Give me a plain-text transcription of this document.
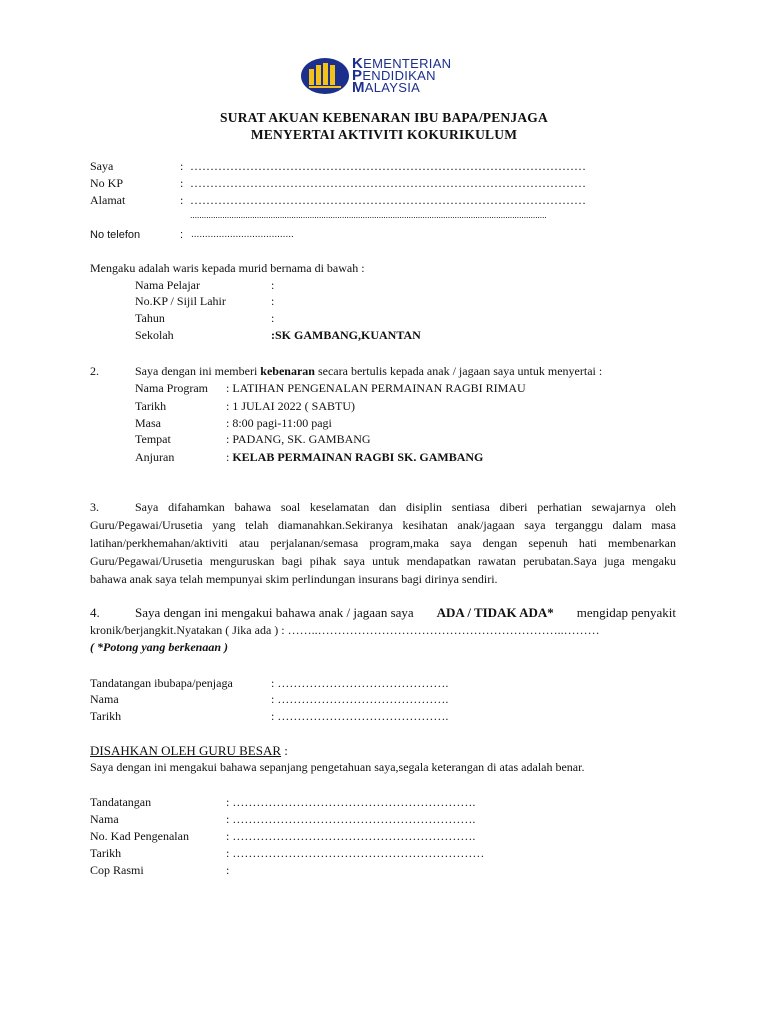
KEMENTERIAN
PENDIDIKAN
MALAYSIA
SURAT AKUAN KEBENARAN IBU BAPA/PENJAGA
MENYERTAI AKTIVITI KOKURIKULUM
Saya	: ………………………………………………………………………………………
No KP	: ………………………………………………………………………………………
Alamat	: ………………………………………………………………………………………
...........................................................................................................................................................
No telefon	: .....................................
Mengaku adalah waris kepada murid bernama di bawah :
Nama Pelajar	:
No.KP / Sijil Lahir	:
Tahun	:
Sekolah	:SK GAMBANG,KUANTAN
2.	Saya dengan ini memberi kebenaran secara bertulis kepada anak / jagaan saya untuk menyertai :
Nama Program : LATIHAN PENGENALAN PERMAINAN RAGBI RIMAU
Tarikh	: 1 JULAI 2022 ( SABTU)
Masa	: 8:00 pagi-11:00 pagi
Tempat	: PADANG, SK. GAMBANG
Anjuran	: KELAB PERMAINAN RAGBI SK. GAMBANG
3.	Saya difahamkan bahawa soal keselamatan dan disiplin sentiasa diberi perhatian sewajarnya oleh
Guru/Pegawai/Urusetia yang telah diamanahkan.Sekiranya kesihatan anak/jagaan saya terganggu dalam masa
latihan/perkhemahan/aktiviti atau perjalanan/semasa program,maka saya dengan sepenuh hati membenarkan
Guru/Pegawai/Urusetia menguruskan bagi pihak saya untuk mendapatkan rawatan perubatan.Saya juga mengaku
bahawa anak saya telah mempunyai skim perlindungan insurans bagi dirinya sendiri.
4.	Saya dengan ini mengakui bahawa anak / jagaan saya ADA / TIDAK ADA* mengidap penyakit
kronik/berjangkit.Nyatakan ( Jika ada ) : ……..……………………………………………………..………
( *Potong yang berkenaan )
Tandatangan ibubapa/penjaga	: …………………………………….
Nama	: …………………………………….
Tarikh	: …………………………………….
DISAHKAN OLEH GURU BESAR :
Saya dengan ini mengakui bahawa sepanjang pengetahuan saya,segala keterangan di atas adalah benar.
Tandatangan	: …………………………………………………….
Nama	: …………………………………………………….
No. Kad Pengenalan	: …………………………………………………….
Tarikh	: ………………………………………………………
Cop Rasmi	:
